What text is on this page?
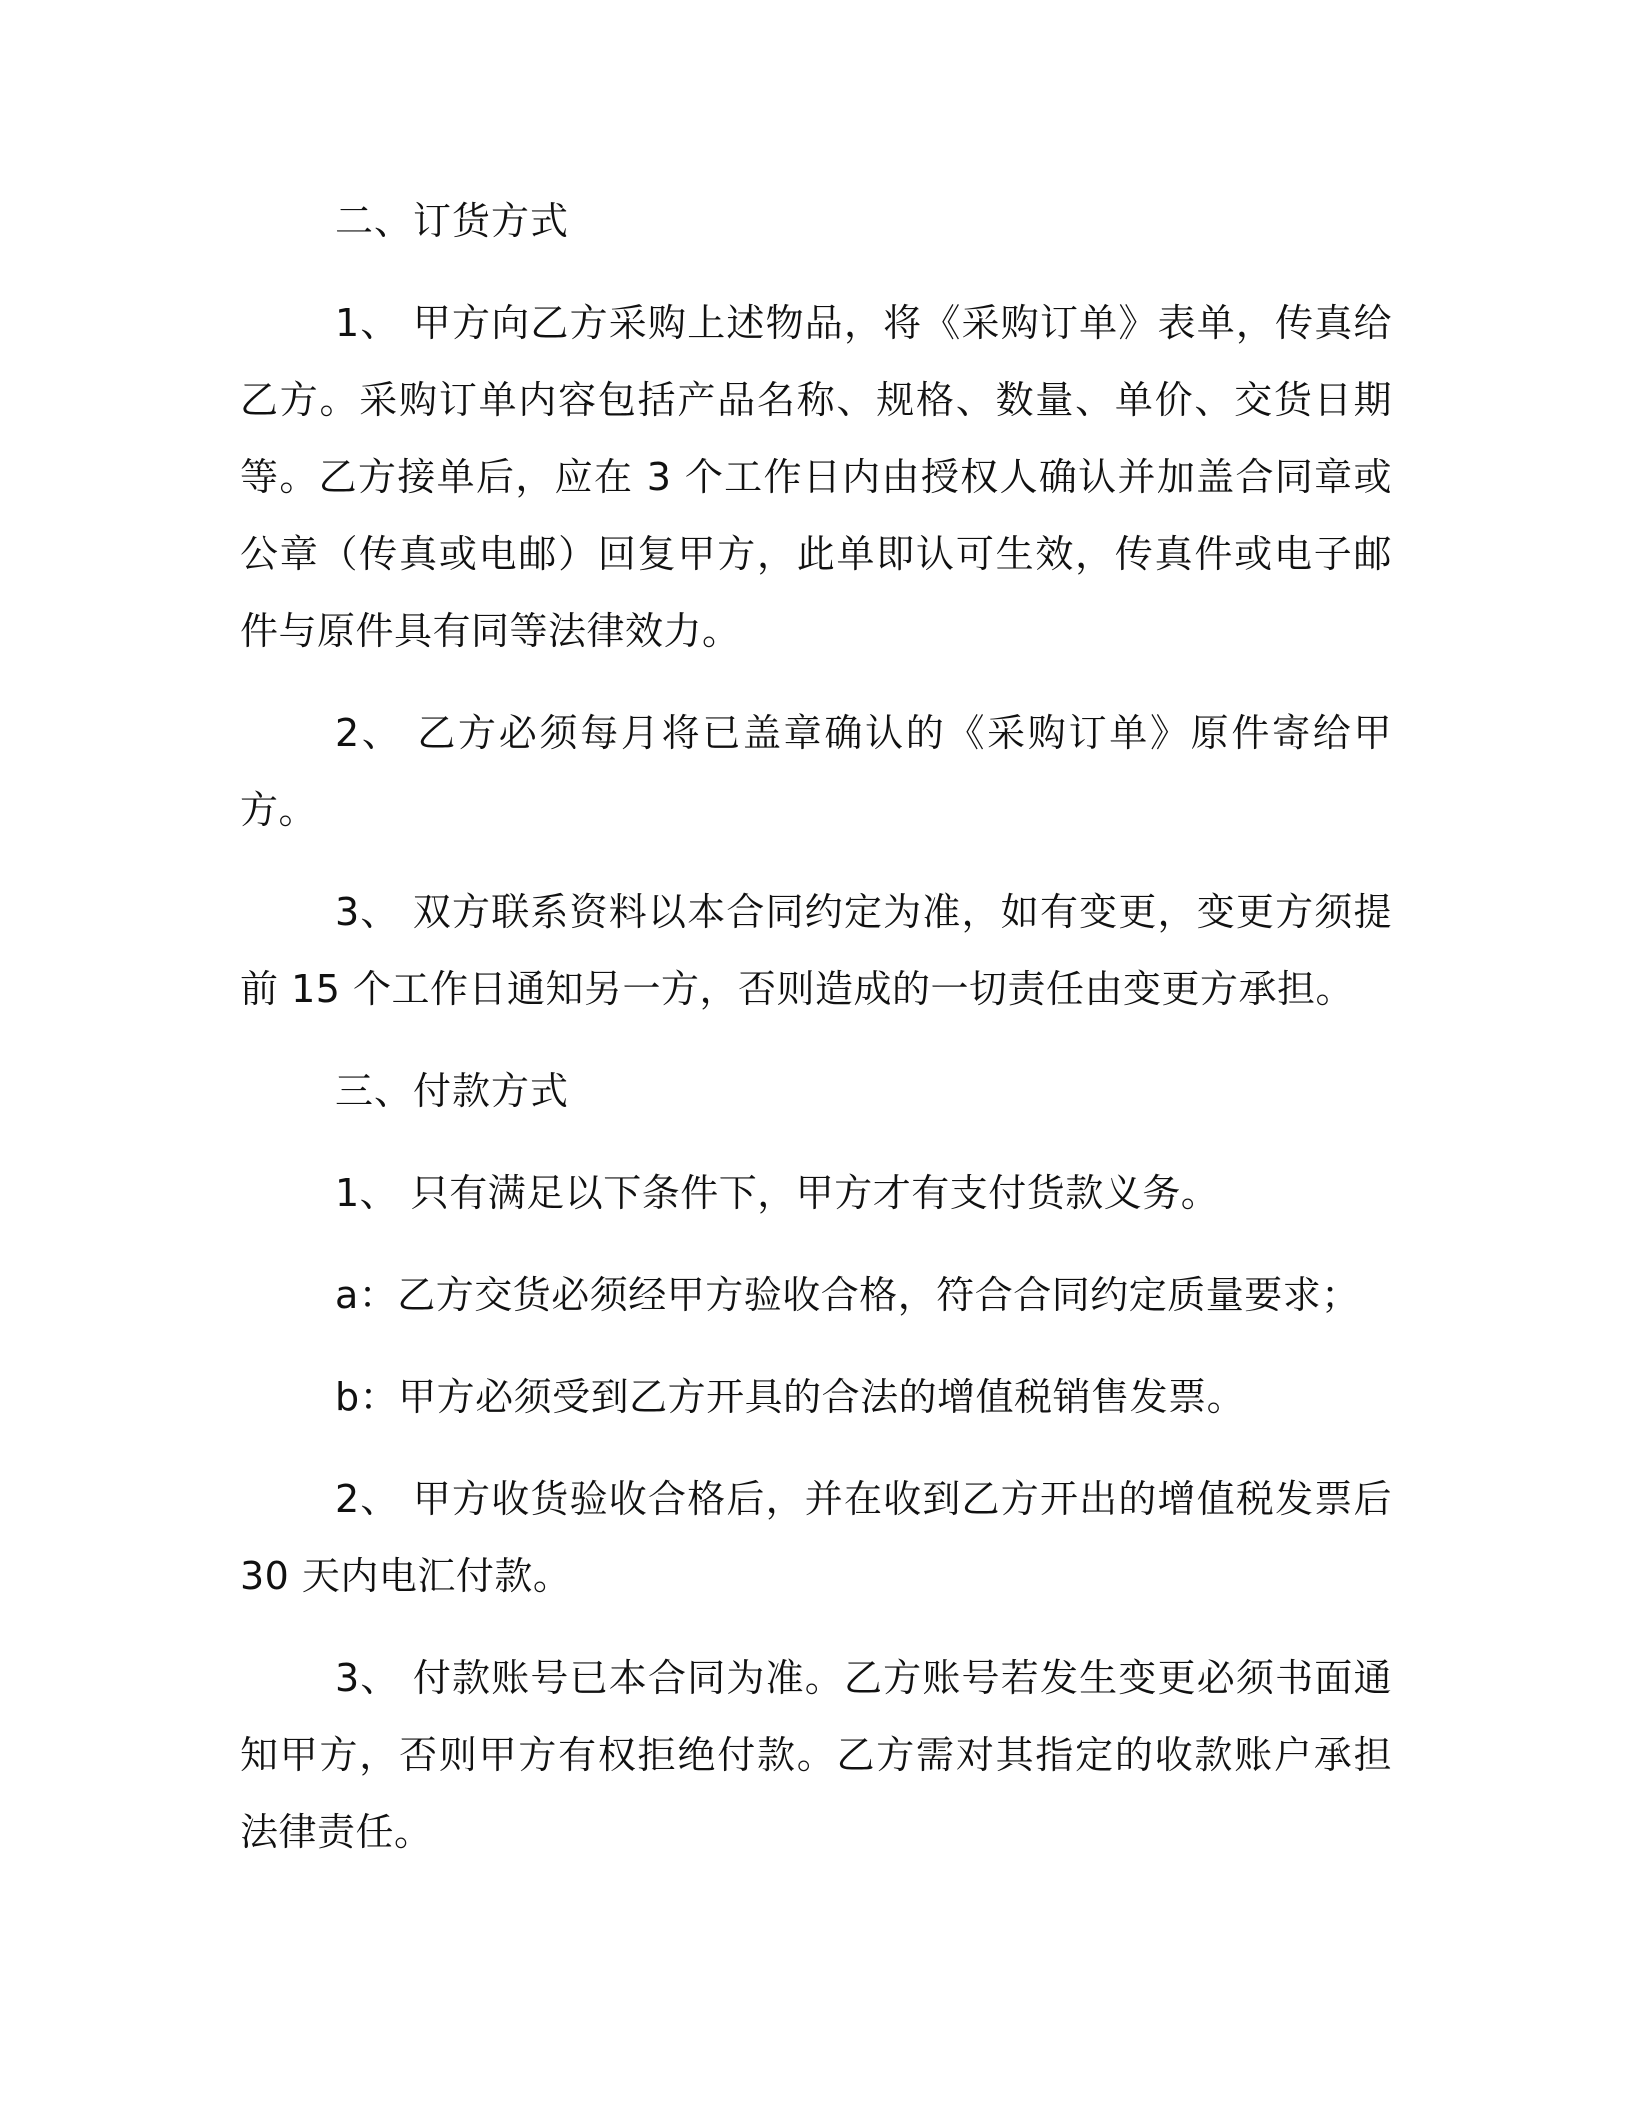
二、订货方式
1、 甲方向乙方采购上述物品，将《采购订单》表单，传真给乙方。采购订单内容包括产品名称、规格、数量、单价、交货日期等。乙方接单后，应在 3 个工作日内由授权人确认并加盖合同章或公章（传真或电邮）回复甲方，此单即认可生效，传真件或电子邮件与原件具有同等法律效力。
2、 乙方必须每月将已盖章确认的《采购订单》原件寄给甲方。
3、 双方联系资料以本合同约定为准，如有变更，变更方须提前 15 个工作日通知另一方，否则造成的一切责任由变更方承担。
三、付款方式
1、 只有满足以下条件下，甲方才有支付货款义务。
a：乙方交货必须经甲方验收合格，符合合同约定质量要求；
b：甲方必须受到乙方开具的合法的增值税销售发票。
2、 甲方收货验收合格后，并在收到乙方开出的增值税发票后 30 天内电汇付款。
3、 付款账号已本合同为准。乙方账号若发生变更必须书面通知甲方，否则甲方有权拒绝付款。乙方需对其指定的收款账户承担法律责任。
